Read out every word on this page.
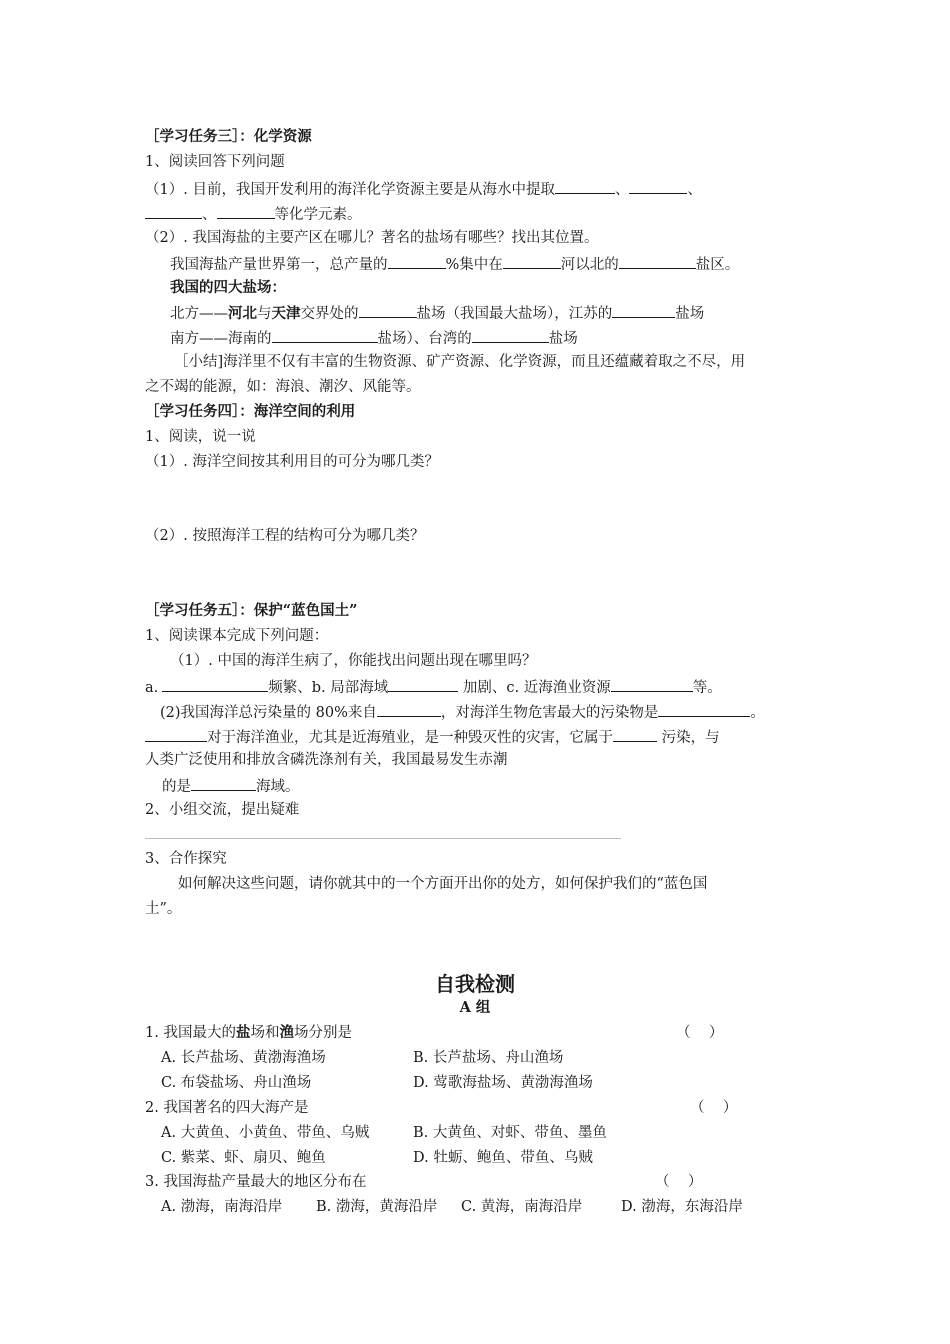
［学习任务三］：化学资源
1、阅读回答下列问题
（1）. 目前，我国开发利用的海洋化学资源主要是从海水中提取	、	、
、	等化学元素。
（2）. 我国海盐的主要产区在哪儿？著名的盐场有哪些？找出其位置。
我国海盐产量世界第一，总产量的	%集中在	河以北的	盐区。
我国的四大盐场：
北方——河北与天津交界处的	盐场（我国最大盐场），江苏的	盐场
南方——海南的	盐场）、台湾的	盐场
［小结]海洋里不仅有丰富的生物资源、矿产资源、化学资源，而且还蕴藏着取之不尽，用
之不竭的能源，如：海浪、潮汐、风能等。
［学习任务四］：海洋空间的利用
1、阅读，说一说
（1）. 海洋空间按其利用目的可分为哪几类？
（2）. 按照海洋工程的结构可分为哪几类？
［学习任务五］：保护“蓝色国土”
1、阅读课本完成下列问题：
（1）. 中国的海洋生病了，你能找出问题出现在哪里吗？
a.	频繁、b. 局部海域	加剧、c. 近海渔业资源	等。
(2)我国海洋总污染量的 80%来自	，对海洋生物危害最大的污染物是	。
对于海洋渔业，尤其是近海殖业，是一种毁灭性的灾害，它属于	污染，与
人类广泛使用和排放含磷洗涤剂有关，我国最易发生赤潮
的是	海域。
2、小组交流，提出疑难
3、合作探究
如何解决这些问题，请你就其中的一个方面开出你的处方，如何保护我们的“蓝色国
土”。
自我检测
A 组
1. 我国最大的盐场和渔场分别是	（    ）
A. 长芦盐场、黄渤海渔场	B. 长芦盐场、舟山渔场
C. 布袋盐场、舟山渔场	D. 莺歌海盐场、黄渤海渔场
2. 我国著名的四大海产是	（    ）
A. 大黄鱼、小黄鱼、带鱼、乌贼	B. 大黄鱼、对虾、带鱼、墨鱼
C. 紫菜、虾、扇贝、鲍鱼	D. 牡蛎、鲍鱼、带鱼、乌贼
3. 我国海盐产量最大的地区分布在	（    ）
A. 渤海，南海沿岸 B. 渤海，黄海沿岸 C. 黄海，南海沿岸	D. 渤海，东海沿岸
